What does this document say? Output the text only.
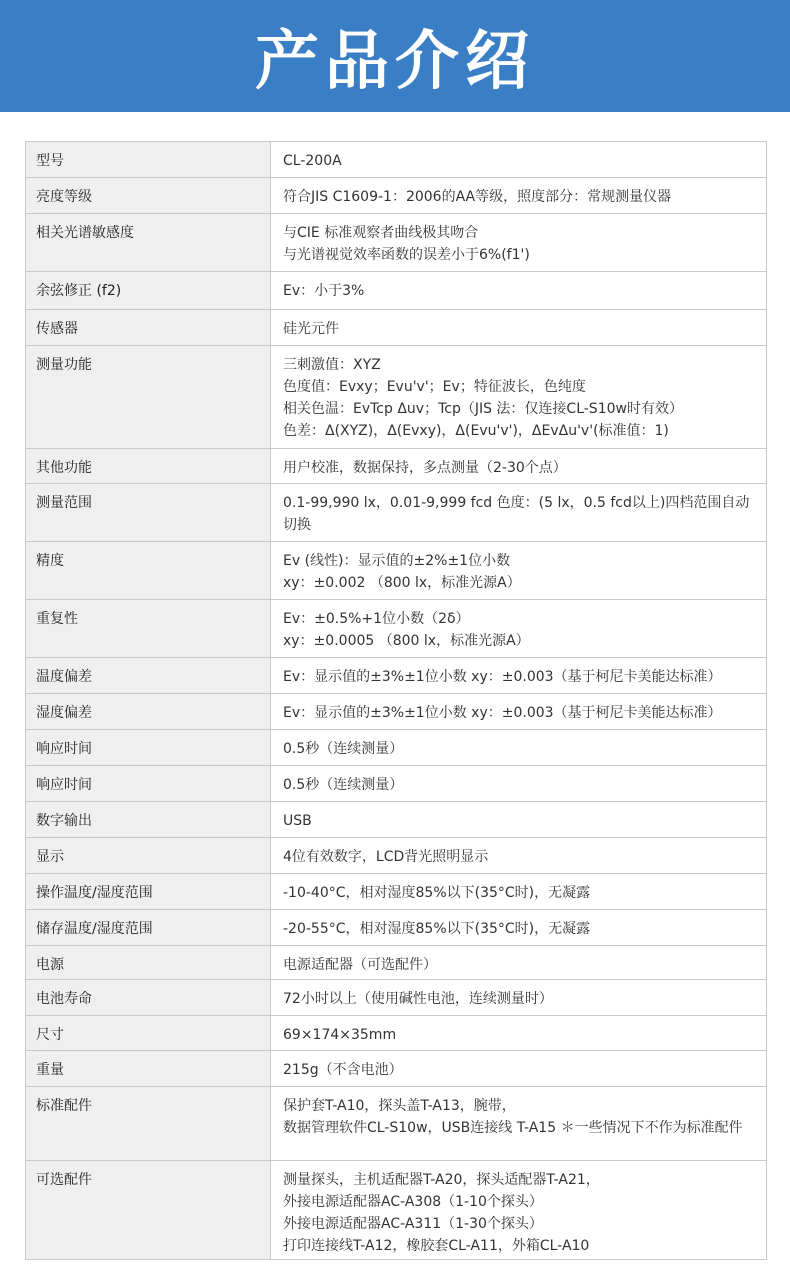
产品介绍
型号	CL-200A
亮度等级	符合JIS C1609-1：2006的AA等级，照度部分：常规测量仪器
相关光谱敏感度	与CIE 标准观察者曲线极其吻合
与光谱视觉效率函数的误差小于6%(f1')
余弦修正 (f2)	Ev：小于3%
传感器	硅光元件
测量功能	三刺激值：XYZ
色度值：Evxy；Evu'v'；Ev；特征波长，色纯度
相关色温：EvTcp Δuv；Tcp（JIS 法：仅连接CL-S10w时有效）
色差：Δ(XYZ)，Δ(Evxy)，Δ(Evu'v')，ΔEvΔu'v'(标准值：1)
其他功能	用户校准，数据保持，多点测量（2-30个点）
测量范围	0.1-99,990 lx，0.01-9,999 fcd 色度：(5 lx，0.5 fcd以上)四档范围自动切换
精度	Ev (线性)：显示值的±2%±1位小数
xy：±0.002 （800 lx，标准光源A）
重复性	Ev：±0.5%+1位小数（2δ）
xy：±0.0005 （800 lx，标准光源A）
温度偏差	Ev：显示值的±3%±1位小数 xy：±0.003（基于柯尼卡美能达标准）
湿度偏差	Ev：显示值的±3%±1位小数 xy：±0.003（基于柯尼卡美能达标准）
响应时间	0.5秒（连续测量）
响应时间	0.5秒（连续测量）
数字输出	USB
显示	4位有效数字，LCD背光照明显示
操作温度/湿度范围	-10-40°C，相对湿度85%以下(35°C时)，无凝露
储存温度/湿度范围	-20-55°C，相对湿度85%以下(35°C时)，无凝露
电源	电源适配器（可选配件）
电池寿命	72小时以上（使用碱性电池，连续测量时）
尺寸	69×174×35mm
重量	215g（不含电池）
标准配件	保护套T-A10，探头盖T-A13，腕带，
数据管理软件CL-S10w，USB连接线 T-A15 ＊一些情况下不作为标准配件
可选配件	测量探头，主机适配器T-A20，探头适配器T-A21，
外接电源适配器AC-A308（1-10个探头）
外接电源适配器AC-A311（1-30个探头）
打印连接线T-A12，橡胶套CL-A11，外箱CL-A10
